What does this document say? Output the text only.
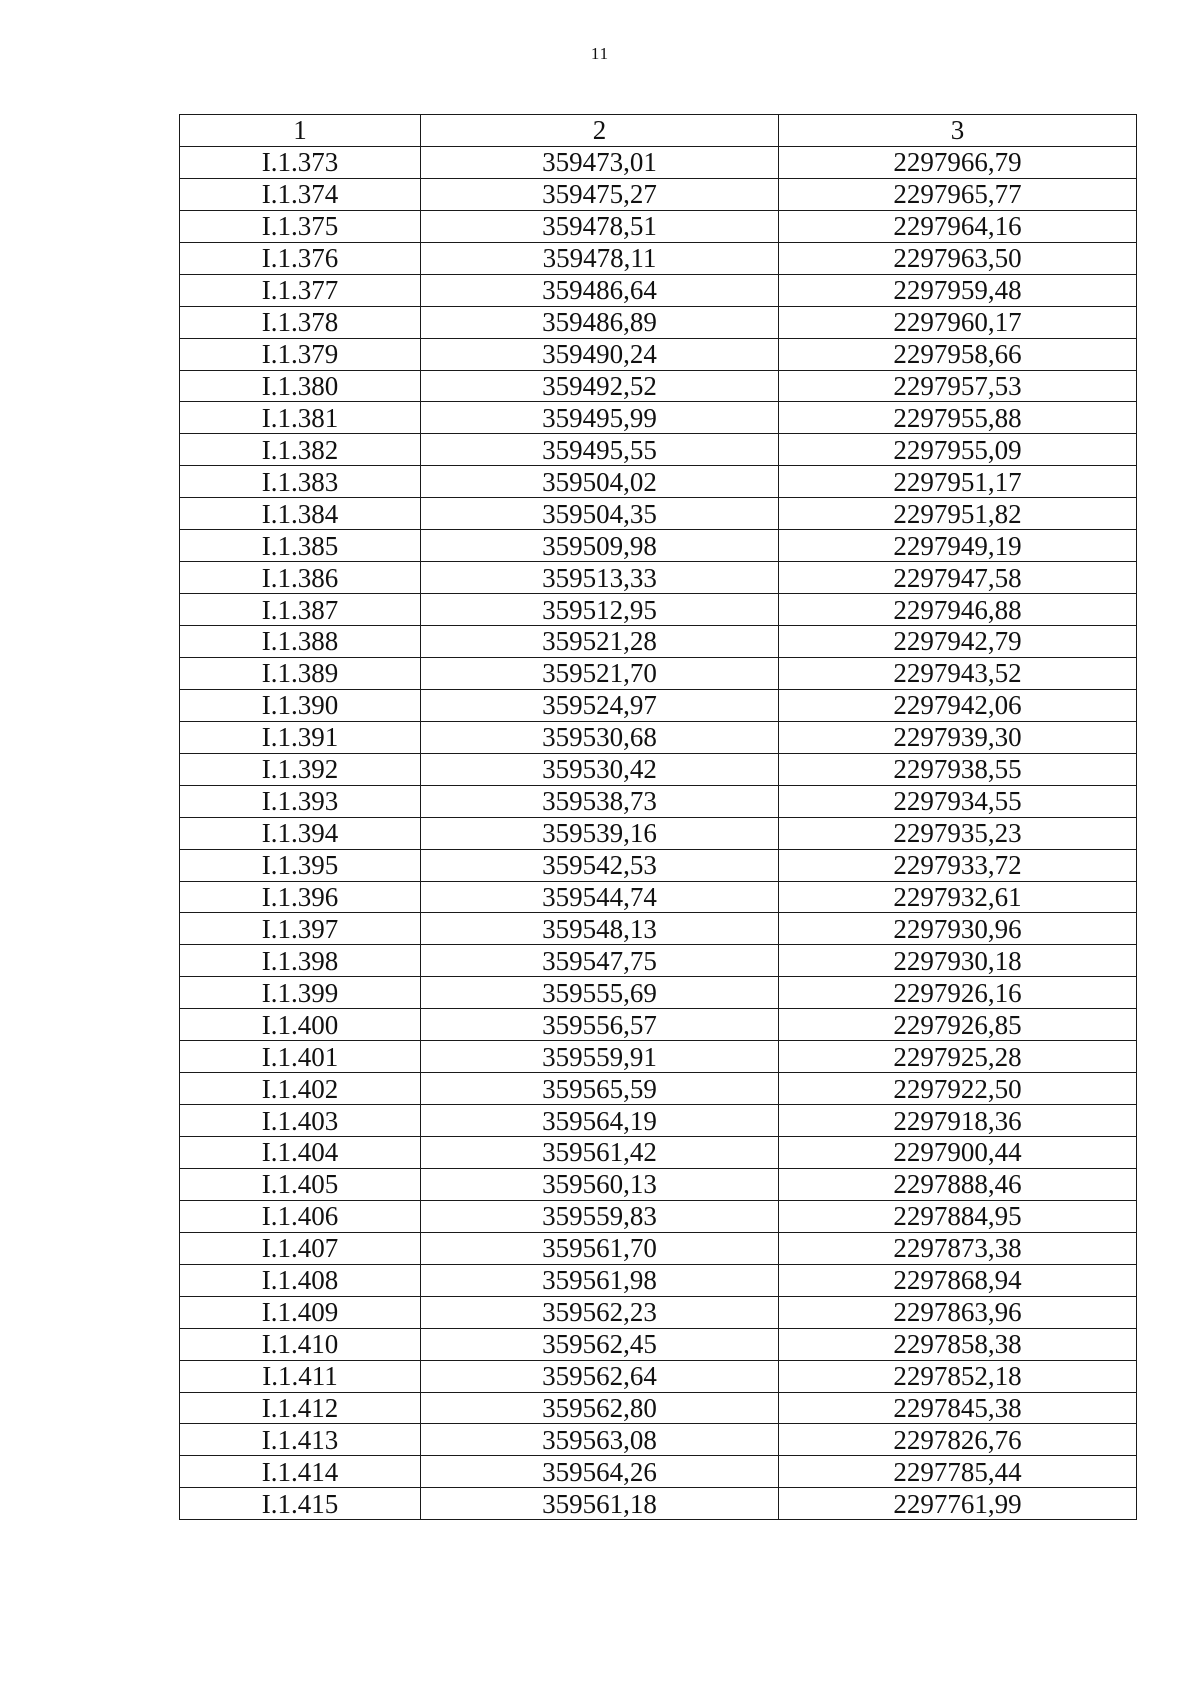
11
1	2	3
I.1.373	359473,01	2297966,79
I.1.374	359475,27	2297965,77
I.1.375	359478,51	2297964,16
I.1.376	359478,11	2297963,50
I.1.377	359486,64	2297959,48
I.1.378	359486,89	2297960,17
I.1.379	359490,24	2297958,66
I.1.380	359492,52	2297957,53
I.1.381	359495,99	2297955,88
I.1.382	359495,55	2297955,09
I.1.383	359504,02	2297951,17
I.1.384	359504,35	2297951,82
I.1.385	359509,98	2297949,19
I.1.386	359513,33	2297947,58
I.1.387	359512,95	2297946,88
I.1.388	359521,28	2297942,79
I.1.389	359521,70	2297943,52
I.1.390	359524,97	2297942,06
I.1.391	359530,68	2297939,30
I.1.392	359530,42	2297938,55
I.1.393	359538,73	2297934,55
I.1.394	359539,16	2297935,23
I.1.395	359542,53	2297933,72
I.1.396	359544,74	2297932,61
I.1.397	359548,13	2297930,96
I.1.398	359547,75	2297930,18
I.1.399	359555,69	2297926,16
I.1.400	359556,57	2297926,85
I.1.401	359559,91	2297925,28
I.1.402	359565,59	2297922,50
I.1.403	359564,19	2297918,36
I.1.404	359561,42	2297900,44
I.1.405	359560,13	2297888,46
I.1.406	359559,83	2297884,95
I.1.407	359561,70	2297873,38
I.1.408	359561,98	2297868,94
I.1.409	359562,23	2297863,96
I.1.410	359562,45	2297858,38
I.1.411	359562,64	2297852,18
I.1.412	359562,80	2297845,38
I.1.413	359563,08	2297826,76
I.1.414	359564,26	2297785,44
I.1.415	359561,18	2297761,99
